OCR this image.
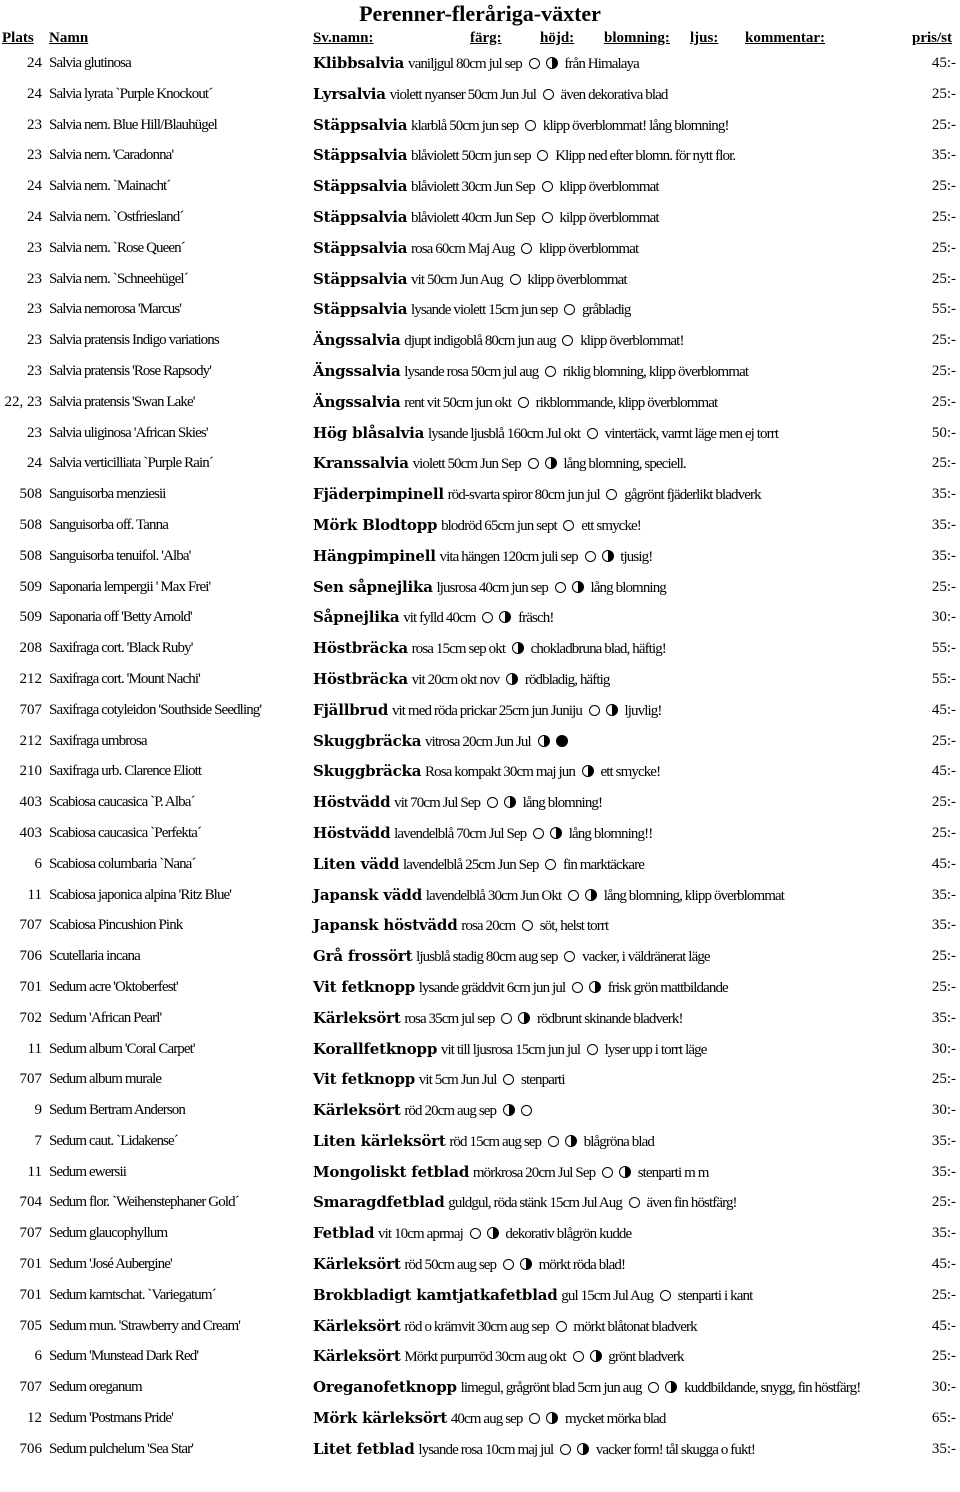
Perenner-fleråriga-växter
Plats Namn	Sv.namn:	färg:	höjd: blomning: ljus: kommentar:	pris/st
24 Salvia glutinosa	Klibbsalvia vaniljgul 80cm jul sep	från Himalaya	45:-
24 Salvia lyrata `Purple Knockout´	Lyrsalvia violett nyanser 50cm Jun Jul även dekorativa blad	25:-
23 Salvia nem. Blue Hill/Blauhügel	Stäppsalvia klarblå 50cm jun sep klipp överblommat! lång blomning!	25:-
23 Salvia nem. 'Caradonna'	Stäppsalvia blåviolett 50cm jun sep Klipp ned efter blomn. för nytt flor.	35:-
24 Salvia nem. `Mainacht´	Stäppsalvia blåviolett 30cm Jun Sep klipp överblommat	25:-
24 Salvia nem. `Ostfriesland´	Stäppsalvia blåviolett 40cm Jun Sep kilpp överblommat	25:-
23 Salvia nem. `Rose Queen´	Stäppsalvia rosa 60cm Maj Aug klipp överblommat	25:-
23 Salvia nem. `Schneehügel´	Stäppsalvia vit 50cm Jun Aug klipp överblommat	25:-
23 Salvia nemorosa 'Marcus'	Stäppsalvia lysande violett 15cm jun sep gråbladig	55:-
23 Salvia pratensis Indigo variations	Ängssalvia djupt indigoblå 80cm jun aug klipp överblommat!	25:-
23 Salvia pratensis 'Rose Rapsody'	Ängssalvia lysande rosa 50cm jul aug riklig blomning, klipp överblommat	25:-
22, 23 Salvia pratensis 'Swan Lake'	Ängssalvia rent vit 50cm jun okt rikblommande, klipp överblommat	25:-
23 Salvia uliginosa 'African Skies'	Hög blåsalvia lysande ljusblå 160cm Jul okt vintertäck, varmt läge men ej torrt	50:-
24 Salvia verticilliata `Purple Rain´	Kranssalvia violett 50cm Jun Sep	lång blomning, speciell.	25:-
508 Sanguisorba menziesii	Fjäderpimpinell röd-svarta spiror 80cm jun jul gågrönt fjäderlikt bladverk	35:-
508 Sanguisorba off. Tanna	Mörk Blodtopp blodröd 65cm jun sept ett smycke!	35:-
508 Sanguisorba tenuifol. 'Alba'	Hängpimpinell vita hängen 120cm juli sep	tjusig!	35:-
509 Saponaria lempergii ' Max Frei'	Sen såpnejlika ljusrosa 40cm jun sep	lång blomning	25:-
509 Saponaria off 'Betty Arnold'	Såpnejlika vit fylld 40cm	fräsch!	30:-
208 Saxifraga cort. 'Black Ruby'	Höstbräcka rosa 15cm sep okt chokladbruna blad, häftig!	55:-
212 Saxifraga cort. 'Mount Nachi'	Höstbräcka vit 20cm okt nov rödbladig, häftig	55:-
707 Saxifraga cotyleidon 'Southside Seedling'	Fjällbrud vit med röda prickar 25cm jun Juniju	ljuvlig!	45:-
212 Saxifraga umbrosa	Skuggbräcka vitrosa 20cm Jun Jul	25:-
210 Saxifraga urb. Clarence Eliott	Skuggbräcka Rosa kompakt 30cm maj jun ett smycke!	45:-
403 Scabiosa caucasica `P. Alba´	Höstvädd vit 70cm Jul Sep	lång blomning!	25:-
403 Scabiosa caucasica `Perfekta´	Höstvädd lavendelblå 70cm Jul Sep	lång blomning!!	25:-
6 Scabiosa columbaria `Nana´	Liten vädd lavendelblå 25cm Jun Sep fin marktäckare	45:-
11 Scabiosa japonica alpina 'Ritz Blue'	Japansk vädd lavendelblå 30cm Jun Okt	lång blomning, klipp överblommat	35:-
707 Scabiosa Pincushion Pink	Japansk höstvädd rosa 20cm söt, helst torrt	35:-
706 Scutellaria incana	Grå frossört ljusblå stadig 80cm aug sep vacker, i väldränerat läge	25:-
701 Sedum acre 'Oktoberfest'	Vit fetknopp lysande gräddvit 6cm jun jul	frisk grön mattbildande	25:-
702 Sedum 'African Pearl'	Kärleksört rosa 35cm jul sep	rödbrunt skinande bladverk!	35:-
11 Sedum album 'Coral Carpet'	Korallfetknopp vit till ljusrosa 15cm jun jul lyser upp i torrt läge	30:-
707 Sedum album murale	Vit fetknopp vit 5cm Jun Jul stenparti	25:-
9 Sedum Bertram Anderson	Kärleksört röd 20cm aug sep	30:-
7 Sedum caut. `Lidakense´	Liten kärleksört röd 15cm aug sep	blågröna blad	35:-
11 Sedum ewersii	Mongoliskt fetblad mörkrosa 20cm Jul Sep	stenparti m m	35:-
704 Sedum flor. `Weihenstephaner Gold´	Smaragdfetblad guldgul, röda stänk 15cm Jul Aug även fin höstfärg!	25:-
707 Sedum glaucophyllum	Fetblad vit 10cm aprmaj	dekorativ blågrön kudde	35:-
701 Sedum 'José Aubergine'	Kärleksört röd 50cm aug sep	mörkt röda blad!	45:-
701 Sedum kamtschat. `Variegatum´	Brokbladigt kamtjatkafetblad gul 15cm Jul Aug stenparti i kant	25:-
705 Sedum mun. 'Strawberry and Cream'	Kärleksört röd o krämvit 30cm aug sep mörkt blåtonat bladverk	45:-
6 Sedum 'Munstead Dark Red'	Kärleksört Mörkt purpurröd 30cm aug okt	grönt bladverk	25:-
707 Sedum oreganum	Oreganofetknopp limegul, grågrönt blad 5cm jun aug	kuddbildande, snygg, fin höstfärg!	30:-
12 Sedum 'Postmans Pride'	Mörk kärleksört 40cm aug sep	mycket mörka blad	65:-
706 Sedum pulchelum 'Sea Star'	Litet fetblad lysande rosa 10cm maj jul	vacker form! tål skugga o fukt!	35:-
